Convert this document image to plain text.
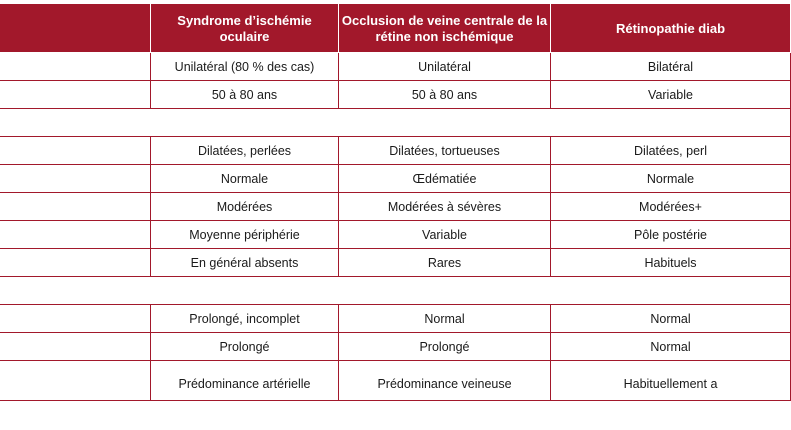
	Syndrome d’ischémie oculaire	Occlusion de veine centrale de la rétine non ischémique	Rétinopathie diab
	Unilatéral (80 % des cas)	Unilatéral	Bilatéral
	50 à 80 ans	50 à 80 ans	Variable

	Dilatées, perlées	Dilatées, tortueuses	Dilatées, perl
	Normale	Œdématiée	Normale
	Modérées	Modérées à sévères	Modérées+
	Moyenne périphérie	Variable	Pôle postérie
	En général absents	Rares	Habituels

	Prolongé, incomplet	Normal	Normal
	Prolongé	Prolongé	Normal
	Prédominance artérielle	Prédominance veineuse	Habituellement a
